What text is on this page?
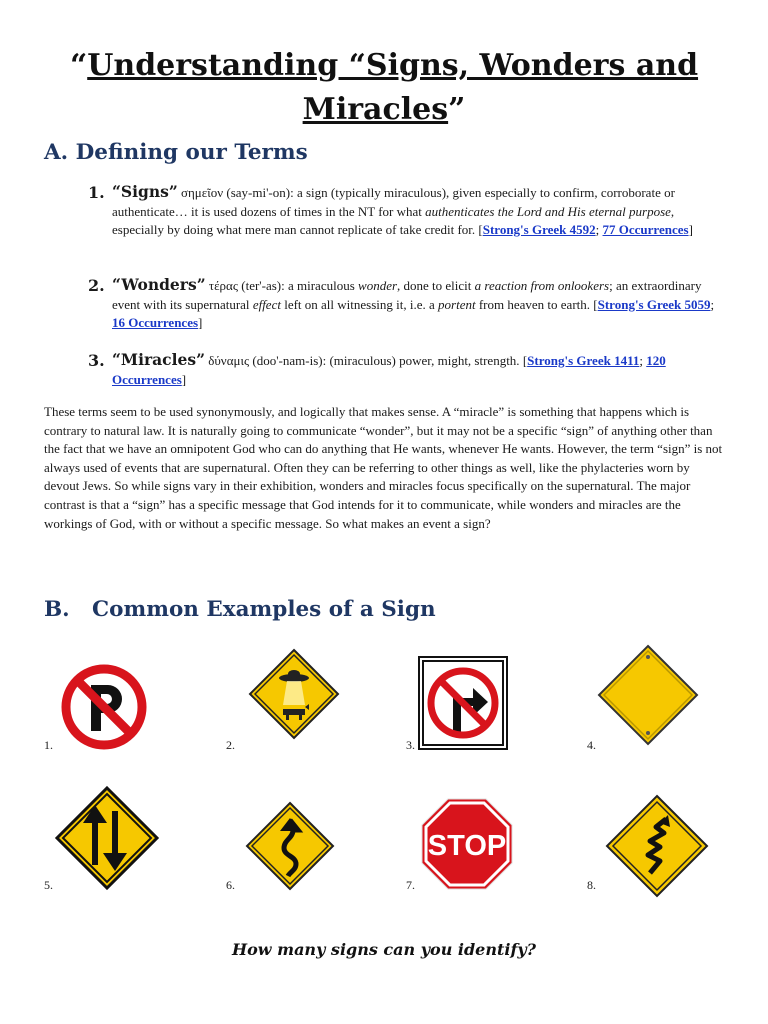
“Understanding “Signs, Wonders and
Miracles”
A. Defining our Terms
1. “Signs” σημεῖον (say-mi'-on): a sign (typically miraculous), given especially to confirm, corroborate or authenticate… it is used dozens of times in the NT for what authenticates the Lord and His eternal purpose, especially by doing what mere man cannot replicate of take credit for. [Strong's Greek 4592; 77 Occurrences]
2. “Wonders” τέρας (ter'-as): a miraculous wonder, done to elicit a reaction from onlookers; an extraordinary event with its supernatural effect left on all witnessing it, i.e. a portent from heaven to earth. [Strong's Greek 5059; 16 Occurrences]
3. “Miracles” δύναμις (doo'-nam-is): (miraculous) power, might, strength. [Strong's Greek 1411; 120 Occurrences]

These terms seem to be used synonymously, and logically that makes sense. A “miracle” is something that happens which is contrary to natural law. It is naturally going to communicate “wonder”, but it may not be a specific “sign” of anything other than the fact that we have an omnipotent God who can do anything that He wants, whenever He wants. However, the term “sign” is not always used of events that are supernatural. Often they can be referring to other things as well, like the phylacteries worn by devout Jews. So while signs vary in their exhibition, wonders and miracles focus specifically on the supernatural. The major contrast is that a “sign” has a specific message that God intends for it to communicate, while wonders and miracles are the workings of God, with or without a specific message. So what makes an event a sign?

B. Common Examples of a Sign
1.	2.	3.	4.
5.	6.	7.
STOP
8.

How many signs can you identify?
